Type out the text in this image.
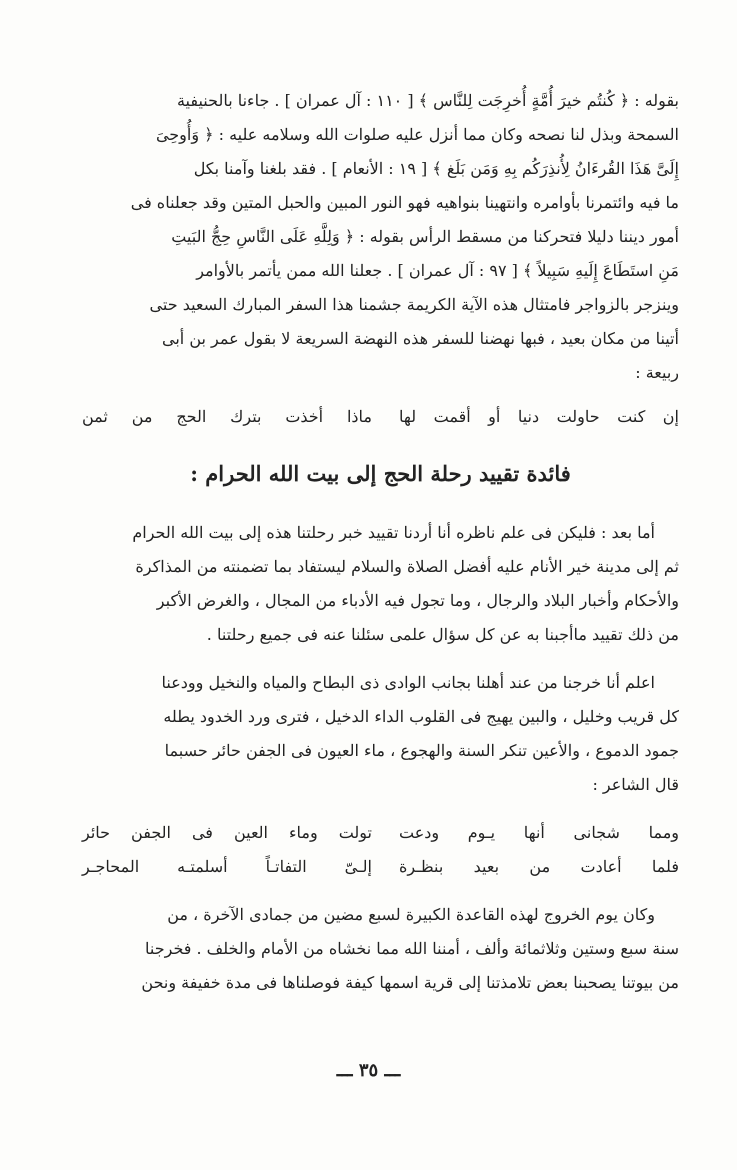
بقوله : ﴿ كُنتُم خيرَ أُمَّةٍ أُخرِجَت لِلنَّاس ﴾ [ ١١٠ : آل عمران ] . جاءنا بالحنيفية
السمحة وبذل لنا نصحه وكان مما أنزل عليه صلوات الله وسلامه عليه : ﴿ وَأُوحِىَ
إِلَىَّ هَذَا القُرءَانُ لِأُنذِرَكُم بِهِ وَمَن بَلَغ ﴾ [ ١٩ : الأنعام ] . فقد بلغنا وآمنا بكل
ما فيه وائتمرنا بأوامره وانتهينا بنواهيه فهو النور المبين والحبل المتين وقد جعلناه فى
أمور ديننا دليلا فتحركنا من مسقط الرأس بقوله : ﴿ وَلِلَّهِ عَلَى النَّاسِ حِجُّ البَيتِ
مَنِ استَطَاعَ إِلَيهِ سَبِيلاً ﴾ [ ٩٧ : آل عمران ] . جعلنا الله ممن يأتمر بالأوامر
وينزجر بالزواجر فامتثال هذه الآية الكريمة جشمنا هذا السفر المبارك السعيد حتى
أتينا من مكان بعيد ، فبها نهضنا للسفر هذه النهضة السريعة لا بقول عمر بن أبى
ربيعة :

إن كنت حاولت دنيا أو أقمت لها
ماذا أخذت بترك الحج من ثمن
فائدة تقييد رحلة الحج إلى بيت الله الحرام :

أما بعد : فليكن فى علم ناظره أنا أردنا تقييد خبر رحلتنا هذه إلى بيت الله الحرام
ثم إلى مدينة خير الأنام عليه أفضل الصلاة والسلام ليستفاد بما تضمنته من المذاكرة
والأحكام وأخبار البلاد والرجال ، وما تجول فيه الأدباء من المجال ، والغرض الأكبر
من ذلك تقييد ماأجبنا به عن كل سؤال علمى سئلنا عنه فى جميع رحلتنا .

اعلم أنا خرجنا من عند أهلنا بجانب الوادى ذى البطاح والمياه والنخيل وودعنا
كل قريب وخليل ، والبين يهيج فى القلوب الداء الدخيل ، فترى ورد الخدود يطله
جمود الدموع ، والأعين تنكر السنة والهجوع ، ماء العيون فى الجفن حائر حسبما
قال الشاعر :

ومما شجانى أنها يـوم ودعت
تولت وماء العين فى الجفن حائر
فلما أعادت من بعيد بنظـرة
إلـىّ التفاتـاً أسلمتـه المحاجـر

وكان يوم الخروج لهذه القاعدة الكبيرة لسبع مضين من جمادى الآخرة ، من
سنة سبع وستين وثلاثمائة وألف ، أمننا الله مما نخشاه من الأمام والخلف . فخرجنا
من بيوتنا يصحبنا بعض تلامذتنا إلى قرية اسمها كيفة فوصلناها فى مدة خفيفة ونحن

ـــ ٣٥ ـــ
